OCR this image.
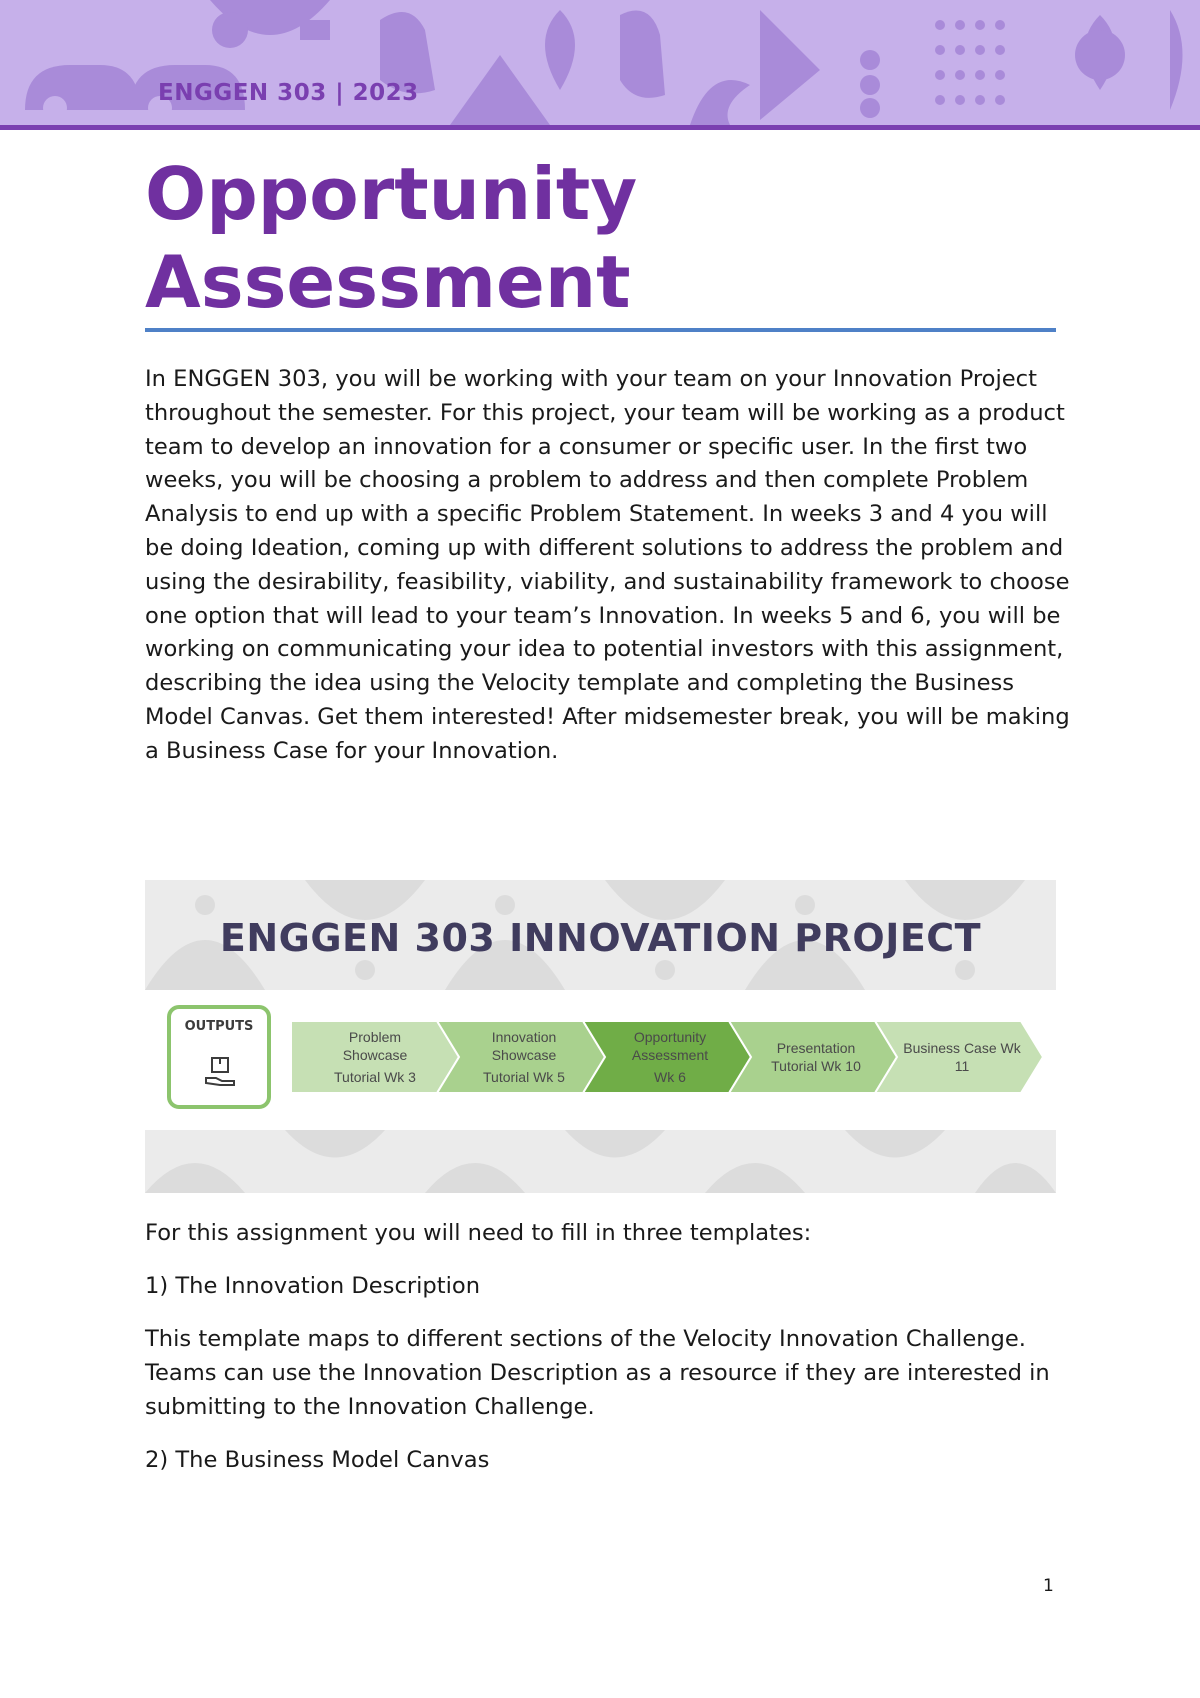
ENGGEN 303 | 2023
Opportunity
Assessment

In ENGGEN 303, you will be working with your team on your Innovation Project throughout the semester. For this project, your team will be working as a product team to develop an innovation for a consumer or specific user. In the first two weeks, you will be choosing a problem to address and then complete Problem Analysis to end up with a specific Problem Statement. In weeks 3 and 4 you will be doing Ideation, coming up with different solutions to address the problem and using the desirability, feasibility, viability, and sustainability framework to choose one option that will lead to your team’s Innovation. In weeks 5 and 6, you will be working on communicating your idea to potential investors with this assignment, describing the idea using the Velocity template and completing the Business Model Canvas. Get them interested! After midsemester break, you will be making a Business Case for your Innovation.

ENGGEN 303 INNOVATION PROJECT
OUTPUTS
Problem Showcase
Tutorial Wk 3
Innovation Showcase
Tutorial Wk 5
Opportunity Assessment
Wk 6
Presentation Tutorial Wk 10
Business Case Wk 11

For this assignment you will need to fill in three templates:

1) The Innovation Description

This template maps to different sections of the Velocity Innovation Challenge. Teams can use the Innovation Description as a resource if they are interested in submitting to the Innovation Challenge.

2) The Business Model Canvas

1
